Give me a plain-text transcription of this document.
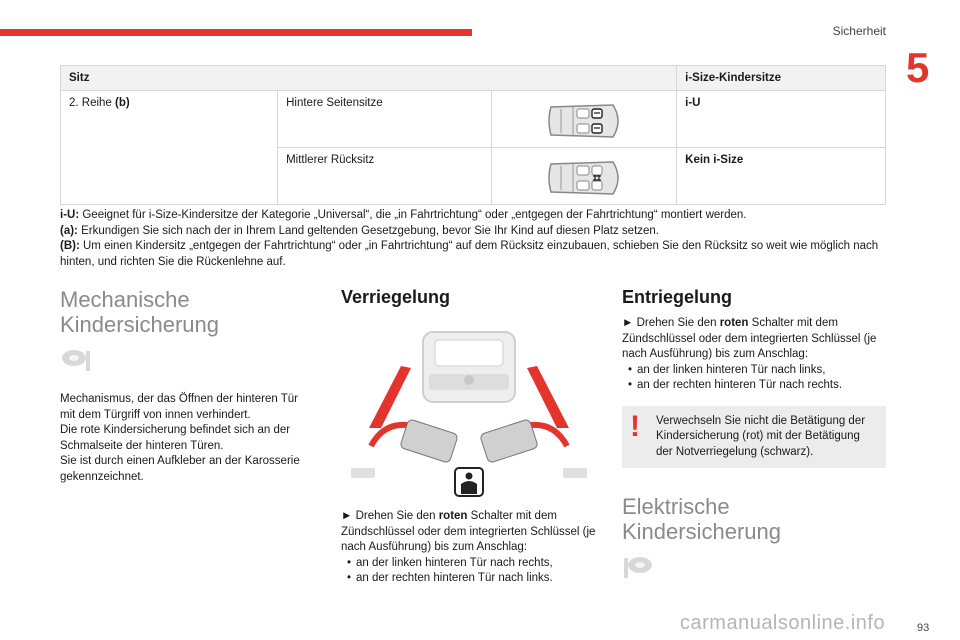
Sicherheit
5
Sitz			i-Size-Kindersitze
2. Reihe (b)	Hintere Seitensitze		i-U
	Mittlerer Rücksitz		Kein i-Size
i-U: Geeignet für i-Size-Kindersitze der Kategorie „Universal“, die „in Fahrtrichtung“ oder „entgegen der Fahrtrichtung“ montiert werden.
(a): Erkundigen Sie sich nach der in Ihrem Land geltenden Gesetzgebung, bevor Sie Ihr Kind auf diesen Platz setzen.
(B): Um einen Kindersitz „entgegen der Fahrtrichtung“ oder „in Fahrtrichtung“ auf dem Rücksitz einzubauen, schieben Sie den Rücksitz so weit wie möglich nach hinten, und richten Sie die Rückenlehne auf.
Mechanische
Kindersicherung
Mechanismus, der das Öffnen der hinteren Tür mit dem Türgriff von innen verhindert.
Die rote Kindersicherung befindet sich an der Schmalseite der hinteren Türen.
Sie ist durch einen Aufkleber an der Karosserie gekennzeichnet.
Verriegelung
► Drehen Sie den roten Schalter mit dem Zündschlüssel oder dem integrierten Schlüssel (je nach Ausführung) bis zum Anschlag:
• an der linken hinteren Tür nach rechts,
• an der rechten hinteren Tür nach links.
Entriegelung
► Drehen Sie den roten Schalter mit dem Zündschlüssel oder dem integrierten Schlüssel (je nach Ausführung) bis zum Anschlag:
• an der linken hinteren Tür nach links,
• an der rechten hinteren Tür nach rechts.
!	Verwechseln Sie nicht die Betätigung der Kindersicherung (rot) mit der Betätigung der Notverriegelung (schwarz).
Elektrische
Kindersicherung
carmanualsonline.info	93
